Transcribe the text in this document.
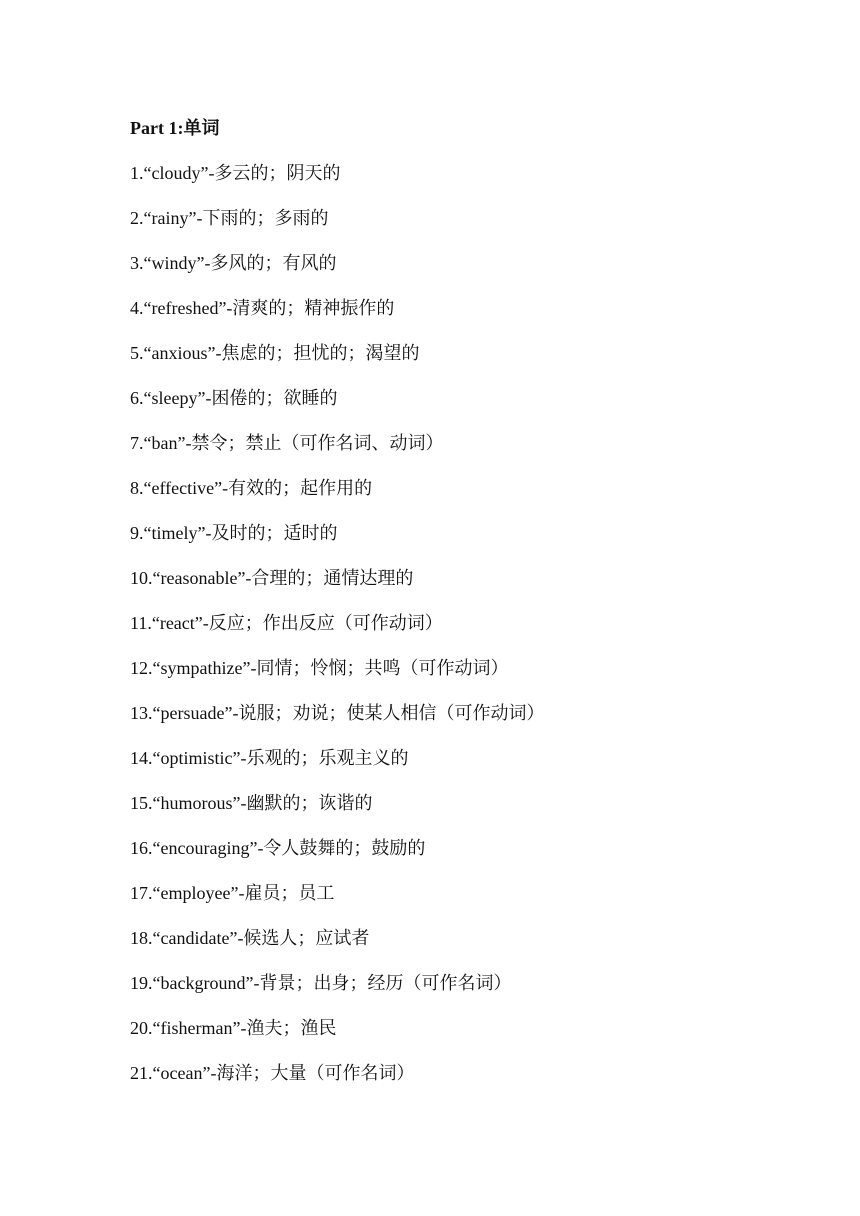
Part 1:单词
1.“cloudy”-多云的；阴天的
2.“rainy”-下雨的；多雨的
3.“windy”-多风的；有风的
4.“refreshed”-清爽的；精神振作的
5.“anxious”-焦虑的；担忧的；渴望的
6.“sleepy”-困倦的；欲睡的
7.“ban”-禁令；禁止（可作名词、动词）
8.“effective”-有效的；起作用的
9.“timely”-及时的；适时的
10.“reasonable”-合理的；通情达理的
11.“react”-反应；作出反应（可作动词）
12.“sympathize”-同情；怜悯；共鸣（可作动词）
13.“persuade”-说服；劝说；使某人相信（可作动词）
14.“optimistic”-乐观的；乐观主义的
15.“humorous”-幽默的；诙谐的
16.“encouraging”-令人鼓舞的；鼓励的
17.“employee”-雇员；员工
18.“candidate”-候选人；应试者
19.“background”-背景；出身；经历（可作名词）
20.“fisherman”-渔夫；渔民
21.“ocean”-海洋；大量（可作名词）
